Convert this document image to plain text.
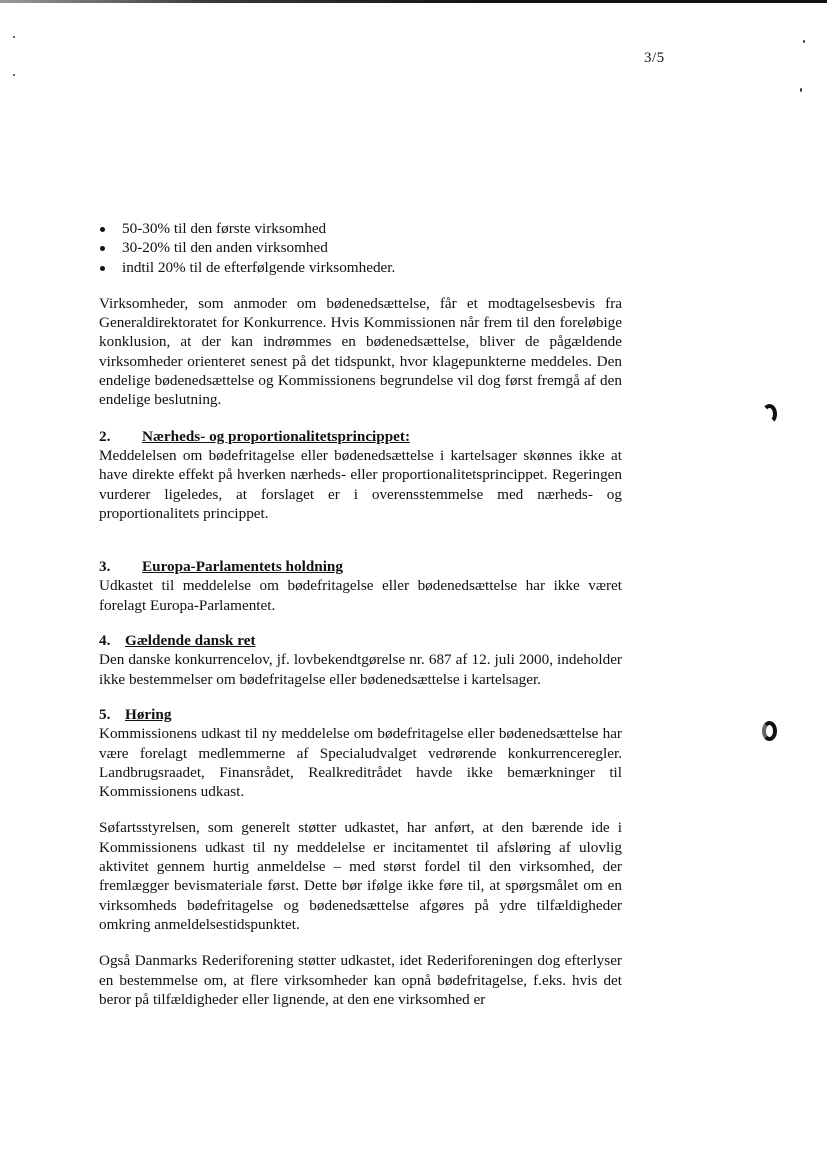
3/5
50-30% til den første virksomhed
30-20% til den anden virksomhed
indtil 20% til de efterfølgende virksomheder.

Virksomheder, som anmoder om bødenedsættelse, får et modtagelsesbevis fra Generaldirektoratet for Konkurrence. Hvis Kommissionen når frem til den foreløbige konklusion, at der kan indrømmes en bødenedsættelse, bliver de pågældende virksomheder orienteret senest på det tidspunkt, hvor klagepunkterne meddeles. Den endelige bødenedsættelse og Kommissionens begrundelse vil dog først fremgå af den endelige beslutning.

2.	Nærheds- og proportionalitetsprincippet:

Meddelelsen om bødefritagelse eller bødenedsættelse i kartelsager skønnes ikke at have direkte effekt på hverken nærheds- eller proportionalitetsprincippet. Regeringen vurderer ligeledes, at forslaget er i overensstemmelse med nærheds- og proportionalitets princippet.

3.	Europa-Parlamentets holdning

Udkastet til meddelelse om bødefritagelse eller bødenedsættelse har ikke været forelagt Europa-Parlamentet.

4. Gældende dansk ret

Den danske konkurrencelov, jf. lovbekendtgørelse nr. 687 af 12. juli 2000, indeholder ikke bestemmelser om bødefritagelse eller bødenedsættelse i kartelsager.

5. Høring

Kommissionens udkast til ny meddelelse om bødefritagelse eller bødenedsættelse har være forelagt medlemmerne af Specialudvalget vedrørende konkurrenceregler. Landbrugsraadet, Finansrådet, Realkreditrådet havde ikke bemærkninger til Kommissionens udkast.

Søfartsstyrelsen, som generelt støtter udkastet, har anført, at den bærende ide i Kommissionens udkast til ny meddelelse er incitamentet til afsløring af ulovlig aktivitet gennem hurtig anmeldelse – med størst fordel til den virksomhed, der fremlægger bevismateriale først. Dette bør ifølge ikke føre til, at spørgsmålet om en virksomheds bødefritagelse og bødenedsættelse afgøres på ydre tilfældigheder omkring anmeldelsestidspunktet.

Også Danmarks Rederiforening støtter udkastet, idet Rederiforeningen dog efterlyser en bestemmelse om, at flere virksomheder kan opnå bødefritagelse, f.eks. hvis det beror på tilfældigheder eller lignende, at den ene virksomhed er
